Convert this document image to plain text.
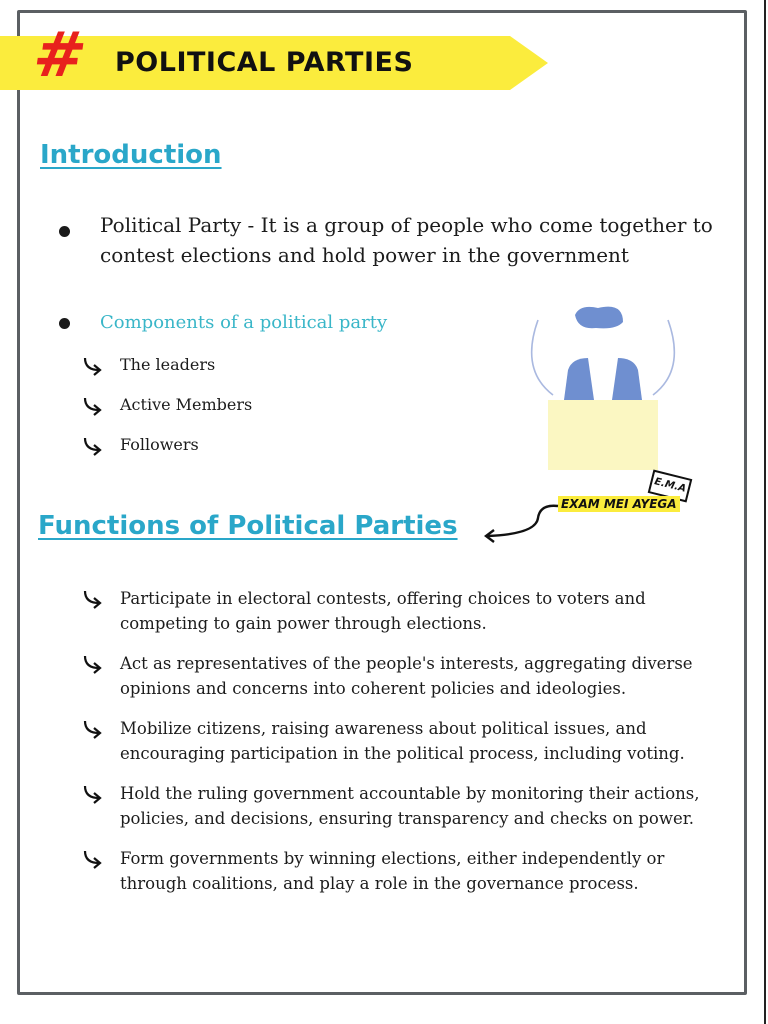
# POLITICAL PARTIES
Introduction
Political Party - It is a group of people who come together to contest elections and hold power in the government
Components of a political party
The leaders
Active Members
Followers
E.M.A
EXAM MEI AYEGA
Functions of Political Parties
Participate in electoral contests, offering choices to voters and competing to gain power through elections.
Act as representatives of the people's interests, aggregating diverse opinions and concerns into coherent policies and ideologies.
Mobilize citizens, raising awareness about political issues, and encouraging participation in the political process, including voting.
Hold the ruling government accountable by monitoring their actions, policies, and decisions, ensuring transparency and checks on power.
Form governments by winning elections, either independently or through coalitions, and play a role in the governance process.
